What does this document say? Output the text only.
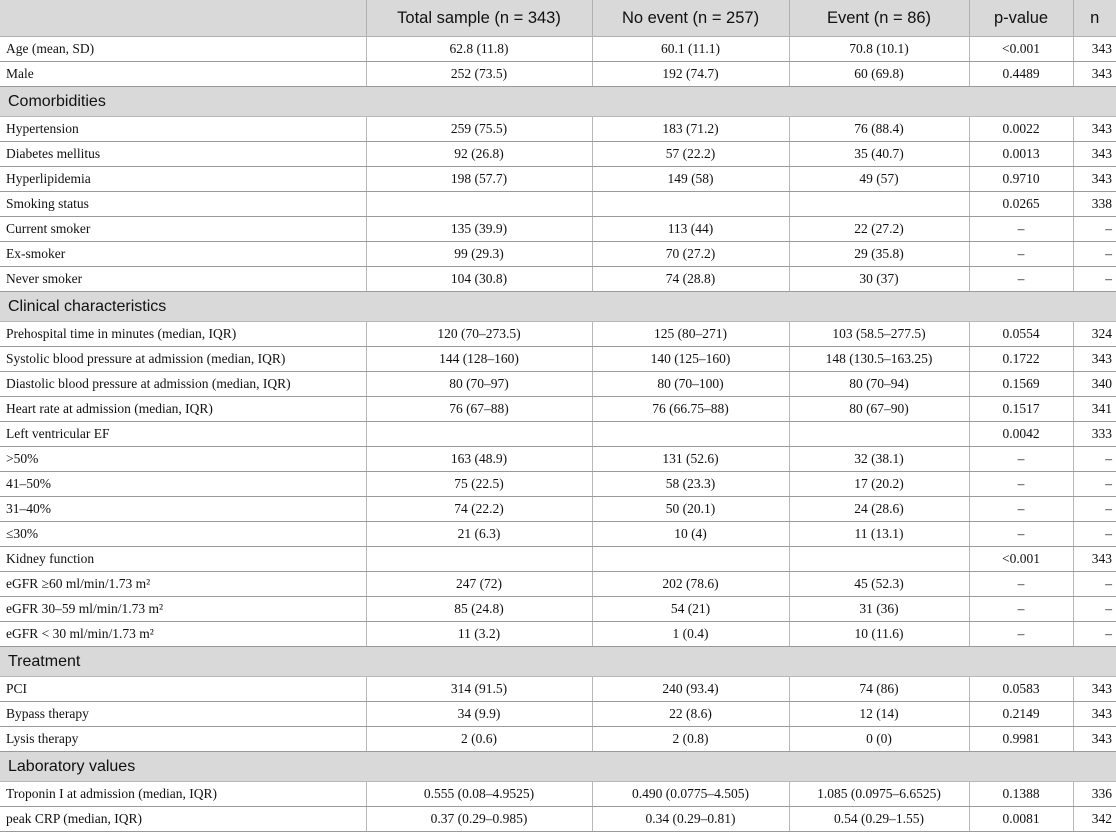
	Total sample (n = 343)	No event (n = 257)	Event (n = 86)	p-value	n
Age (mean, SD)	62.8 (11.8)	60.1 (11.1)	70.8 (10.1)	<0.001	343
Male	252 (73.5)	192 (74.7)	60 (69.8)	0.4489	343
Comorbidities					
Hypertension	259 (75.5)	183 (71.2)	76 (88.4)	0.0022	343
Diabetes mellitus	92 (26.8)	57 (22.2)	35 (40.7)	0.0013	343
Hyperlipidemia	198 (57.7)	149 (58)	49 (57)	0.9710	343
Smoking status				0.0265	338
Current smoker	135 (39.9)	113 (44)	22 (27.2)	–	–
Ex-smoker	99 (29.3)	70 (27.2)	29 (35.8)	–	–
Never smoker	104 (30.8)	74 (28.8)	30 (37)	–	–
Clinical characteristics					
Prehospital time in minutes (median, IQR)	120 (70–273.5)	125 (80–271)	103 (58.5–277.5)	0.0554	324
Systolic blood pressure at admission (median, IQR)	144 (128–160)	140 (125–160)	148 (130.5–163.25)	0.1722	343
Diastolic blood pressure at admission (median, IQR)	80 (70–97)	80 (70–100)	80 (70–94)	0.1569	340
Heart rate at admission (median, IQR)	76 (67–88)	76 (66.75–88)	80 (67–90)	0.1517	341
Left ventricular EF				0.0042	333
>50%	163 (48.9)	131 (52.6)	32 (38.1)	–	–
41–50%	75 (22.5)	58 (23.3)	17 (20.2)	–	–
31–40%	74 (22.2)	50 (20.1)	24 (28.6)	–	–
≤30%	21 (6.3)	10 (4)	11 (13.1)	–	–
Kidney function				<0.001	343
eGFR ≥60 ml/min/1.73 m²	247 (72)	202 (78.6)	45 (52.3)	–	–
eGFR 30–59 ml/min/1.73 m²	85 (24.8)	54 (21)	31 (36)	–	–
eGFR < 30 ml/min/1.73 m²	11 (3.2)	1 (0.4)	10 (11.6)	–	–
Treatment					
PCI	314 (91.5)	240 (93.4)	74 (86)	0.0583	343
Bypass therapy	34 (9.9)	22 (8.6)	12 (14)	0.2149	343
Lysis therapy	2 (0.6)	2 (0.8)	0 (0)	0.9981	343
Laboratory values					
Troponin I at admission (median, IQR)	0.555 (0.08–4.9525)	0.490 (0.0775–4.505)	1.085 (0.0975–6.6525)	0.1388	336
peak CRP (median, IQR)	0.37 (0.29–0.985)	0.34 (0.29–0.81)	0.54 (0.29–1.55)	0.0081	342
